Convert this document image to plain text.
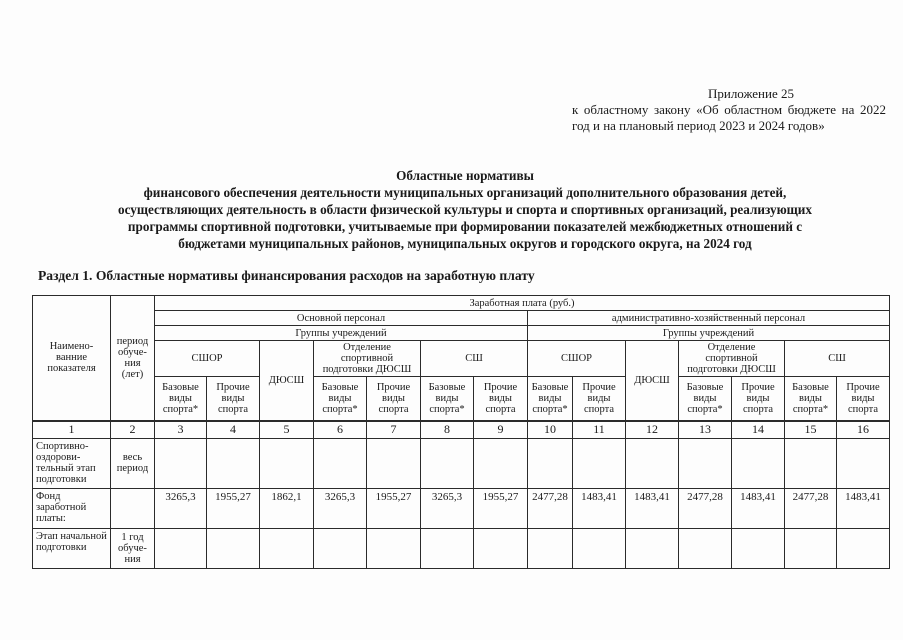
Приложение 25
к областному закону «Об областном бюджете на 2022 год и на плановый период 2023 и 2024 годов»
Областные нормативы
финансового обеспечения деятельности муниципальных организаций дополнительного образования детей,
осуществляющих деятельность в области физической культуры и спорта и спортивных организаций, реализующих
программы спортивной подготовки, учитываемые при формировании показателей межбюджетных отношений с
бюджетами муниципальных районов, муниципальных округов и городского округа, на 2024 год
Раздел 1. Областные нормативы финансирования расходов на заработную плату
Наимено-ванние показателя	период обуче-ния (лет)	Заработная плата (руб.)													
		Основной персонал							административно-хозяйственный персонал						
		Группы учреждений							Группы учреждений						
		СШОР		ДЮСШ	Отделение спортивной подготовки ДЮСШ		СШ		СШОР		ДЮСШ	Отделение спортивной подготовки ДЮСШ		СШ	
		Базовые виды спорта*	Прочие виды спорта		Базовые виды спорта*	Прочие виды спорта	Базовые виды спорта*	Прочие виды спорта	Базовые виды спорта*	Прочие виды спорта		Базовые виды спорта*	Прочие виды спорта	Базовые виды спорта*	Прочие виды спорта
1	2	3	4	5	6	7	8	9	10	11	12	13	14	15	16
Спортивно-оздорови-тельный этап подготовки	весь период														
Фонд заработной платы:		3265,3	1955,27	1862,1	3265,3	1955,27	3265,3	1955,27	2477,28	1483,41	1483,41	2477,28	1483,41	2477,28	1483,41
Этап начальной подготовки	1 год обуче-ния														
